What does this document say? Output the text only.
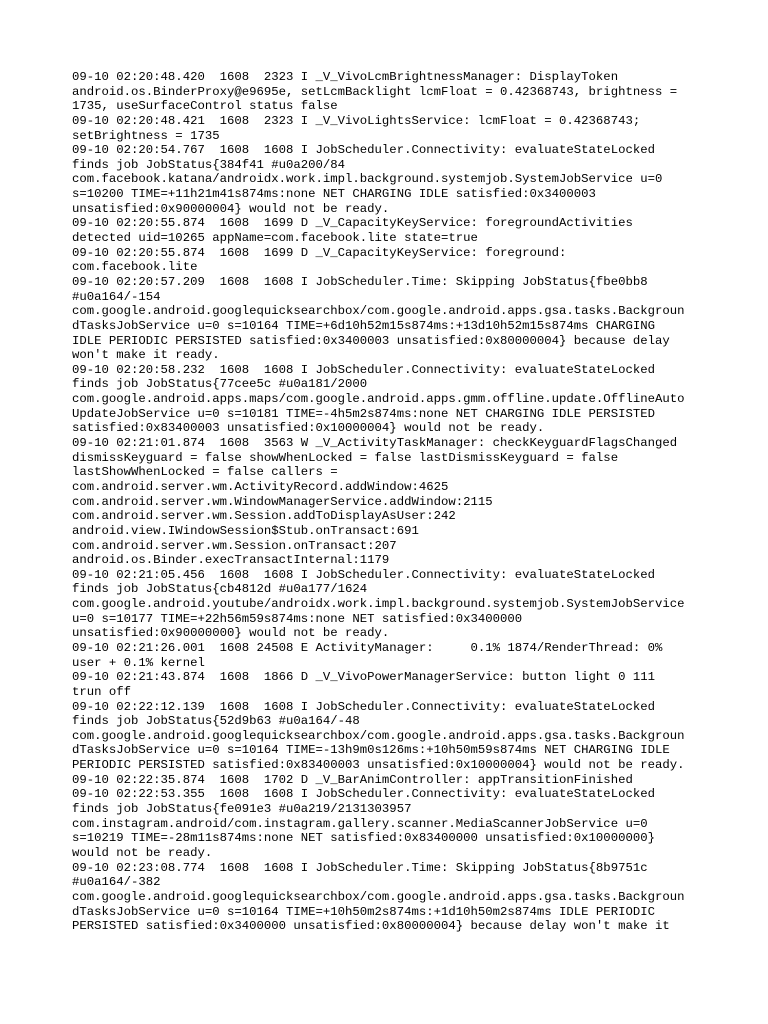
09-10 02:20:48.420  1608  2323 I _V_VivoLcmBrightnessManager: DisplayToken

android.os.BinderProxy@e9695e, setLcmBacklight lcmFloat = 0.42368743, brightness =

1735, useSurfaceControl status false

09-10 02:20:48.421  1608  2323 I _V_VivoLightsService: lcmFloat = 0.42368743;

setBrightness = 1735

09-10 02:20:54.767  1608  1608 I JobScheduler.Connectivity: evaluateStateLocked

finds job JobStatus{384f41 #u0a200/84

com.facebook.katana/androidx.work.impl.background.systemjob.SystemJobService u=0

s=10200 TIME=+11h21m41s874ms:none NET CHARGING IDLE satisfied:0x3400003

unsatisfied:0x90000004} would not be ready.

09-10 02:20:55.874  1608  1699 D _V_CapacityKeyService: foregroundActivities

detected uid=10265 appName=com.facebook.lite state=true

09-10 02:20:55.874  1608  1699 D _V_CapacityKeyService: foreground:

com.facebook.lite

09-10 02:20:57.209  1608  1608 I JobScheduler.Time: Skipping JobStatus{fbe0bb8

#u0a164/-154

com.google.android.googlequicksearchbox/com.google.android.apps.gsa.tasks.Backgroun

dTasksJobService u=0 s=10164 TIME=+6d10h52m15s874ms:+13d10h52m15s874ms CHARGING

IDLE PERIODIC PERSISTED satisfied:0x3400003 unsatisfied:0x80000004} because delay

won't make it ready.

09-10 02:20:58.232  1608  1608 I JobScheduler.Connectivity: evaluateStateLocked

finds job JobStatus{77cee5c #u0a181/2000

com.google.android.apps.maps/com.google.android.apps.gmm.offline.update.OfflineAuto

UpdateJobService u=0 s=10181 TIME=-4h5m2s874ms:none NET CHARGING IDLE PERSISTED

satisfied:0x83400003 unsatisfied:0x10000004} would not be ready.

09-10 02:21:01.874  1608  3563 W _V_ActivityTaskManager: checkKeyguardFlagsChanged

dismissKeyguard = false showWhenLocked = false lastDismissKeyguard = false

lastShowWhenLocked = false callers =

com.android.server.wm.ActivityRecord.addWindow:4625

com.android.server.wm.WindowManagerService.addWindow:2115

com.android.server.wm.Session.addToDisplayAsUser:242

android.view.IWindowSession$Stub.onTransact:691

com.android.server.wm.Session.onTransact:207

android.os.Binder.execTransactInternal:1179

09-10 02:21:05.456  1608  1608 I JobScheduler.Connectivity: evaluateStateLocked

finds job JobStatus{cb4812d #u0a177/1624

com.google.android.youtube/androidx.work.impl.background.systemjob.SystemJobService

u=0 s=10177 TIME=+22h56m59s874ms:none NET satisfied:0x3400000

unsatisfied:0x90000000} would not be ready.

09-10 02:21:26.001  1608 24508 E ActivityManager:     0.1% 1874/RenderThread: 0%

user + 0.1% kernel

09-10 02:21:43.874  1608  1866 D _V_VivoPowerManagerService: button light 0 111

trun off

09-10 02:22:12.139  1608  1608 I JobScheduler.Connectivity: evaluateStateLocked

finds job JobStatus{52d9b63 #u0a164/-48

com.google.android.googlequicksearchbox/com.google.android.apps.gsa.tasks.Backgroun

dTasksJobService u=0 s=10164 TIME=-13h9m0s126ms:+10h50m59s874ms NET CHARGING IDLE

PERIODIC PERSISTED satisfied:0x83400003 unsatisfied:0x10000004} would not be ready.

09-10 02:22:35.874  1608  1702 D _V_BarAnimController: appTransitionFinished

09-10 02:22:53.355  1608  1608 I JobScheduler.Connectivity: evaluateStateLocked

finds job JobStatus{fe091e3 #u0a219/2131303957

com.instagram.android/com.instagram.gallery.scanner.MediaScannerJobService u=0

s=10219 TIME=-28m11s874ms:none NET satisfied:0x83400000 unsatisfied:0x10000000}

would not be ready.

09-10 02:23:08.774  1608  1608 I JobScheduler.Time: Skipping JobStatus{8b9751c

#u0a164/-382

com.google.android.googlequicksearchbox/com.google.android.apps.gsa.tasks.Backgroun

dTasksJobService u=0 s=10164 TIME=+10h50m2s874ms:+1d10h50m2s874ms IDLE PERIODIC

PERSISTED satisfied:0x3400000 unsatisfied:0x80000004} because delay won't make it
